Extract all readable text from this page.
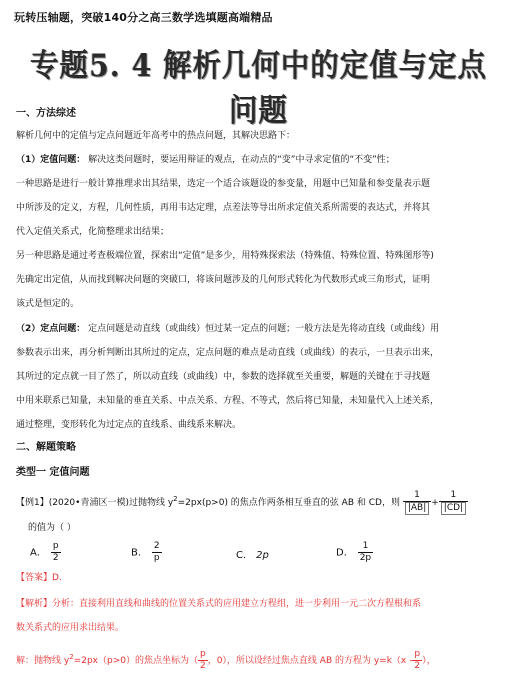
玩转压轴题，突破140分之高三数学选填题高端精品
专题5. 4 解析几何中的定值与定点问题
一、方法综述
解析几何中的定值与定点问题近年高考中的热点问题，其解决思路下：
（1）定值问题： 解决这类问题时，要运用辩证的观点，在动点的“变”中寻求定值的“不变”性；
一种思路是进行一般计算推理求出其结果，选定一个适合该题设的参变量，用题中已知量和参变量表示题
中所涉及的定义，方程，几何性质，再用韦达定理，点差法等导出所求定值关系所需要的表达式，并将其
代入定值关系式，化简整理求出结果；
另一种思路是通过考查极端位置，探索出“定值”是多少，用特殊探索法（特殊值、特殊位置、特殊图形等)
先确定出定值，从而找到解决问题的突破口，将该问题涉及的几何形式转化为代数形式或三角形式，证明
该式是恒定的。
（2）定点问题： 定点问题是动直线（或曲线）恒过某一定点的问题；一般方法是先将动直线（或曲线）用
参数表示出来，再分析判断出其所过的定点，定点问题的难点是动直线（或曲线）的表示，一旦表示出来，
其所过的定点就一目了然了，所以动直线（或曲线）中，参数的选择就至关重要，解题的关键在于寻找题
中用来联系已知量，未知量的垂直关系、中点关系、方程、不等式，然后将已知量，未知量代入上述关系，
通过整理，变形转化为过定点的直线系、曲线系来解决。
二、解题策略
类型一 定值问题
【例1】(2020•青浦区一模)过抛物线 $y^2=2px(p>0)$ 的焦点作两条相互垂直的弦 AB 和 CD，则 $\frac{1}{|AB|} + \frac{1}{|CD|}$
的值为（ ）
A． $\frac{p}{2}$	B． $\frac{2}{p}$	C． 2p	D． $\frac{1}{2p}$
【答案】D．
【解析】分析：直接利用直线和曲线的位置关系式的应用建立方程组，进一步利用一元二次方程根和系
数关系式的应用求出结果。
解：抛物线 $y^2=2px(p>0)$的焦点坐标为（ $\frac{p}{2}$ ，0），所以设经过焦点直线 AB 的方程为 $y=k(x - \frac{p}{2}$ ），
